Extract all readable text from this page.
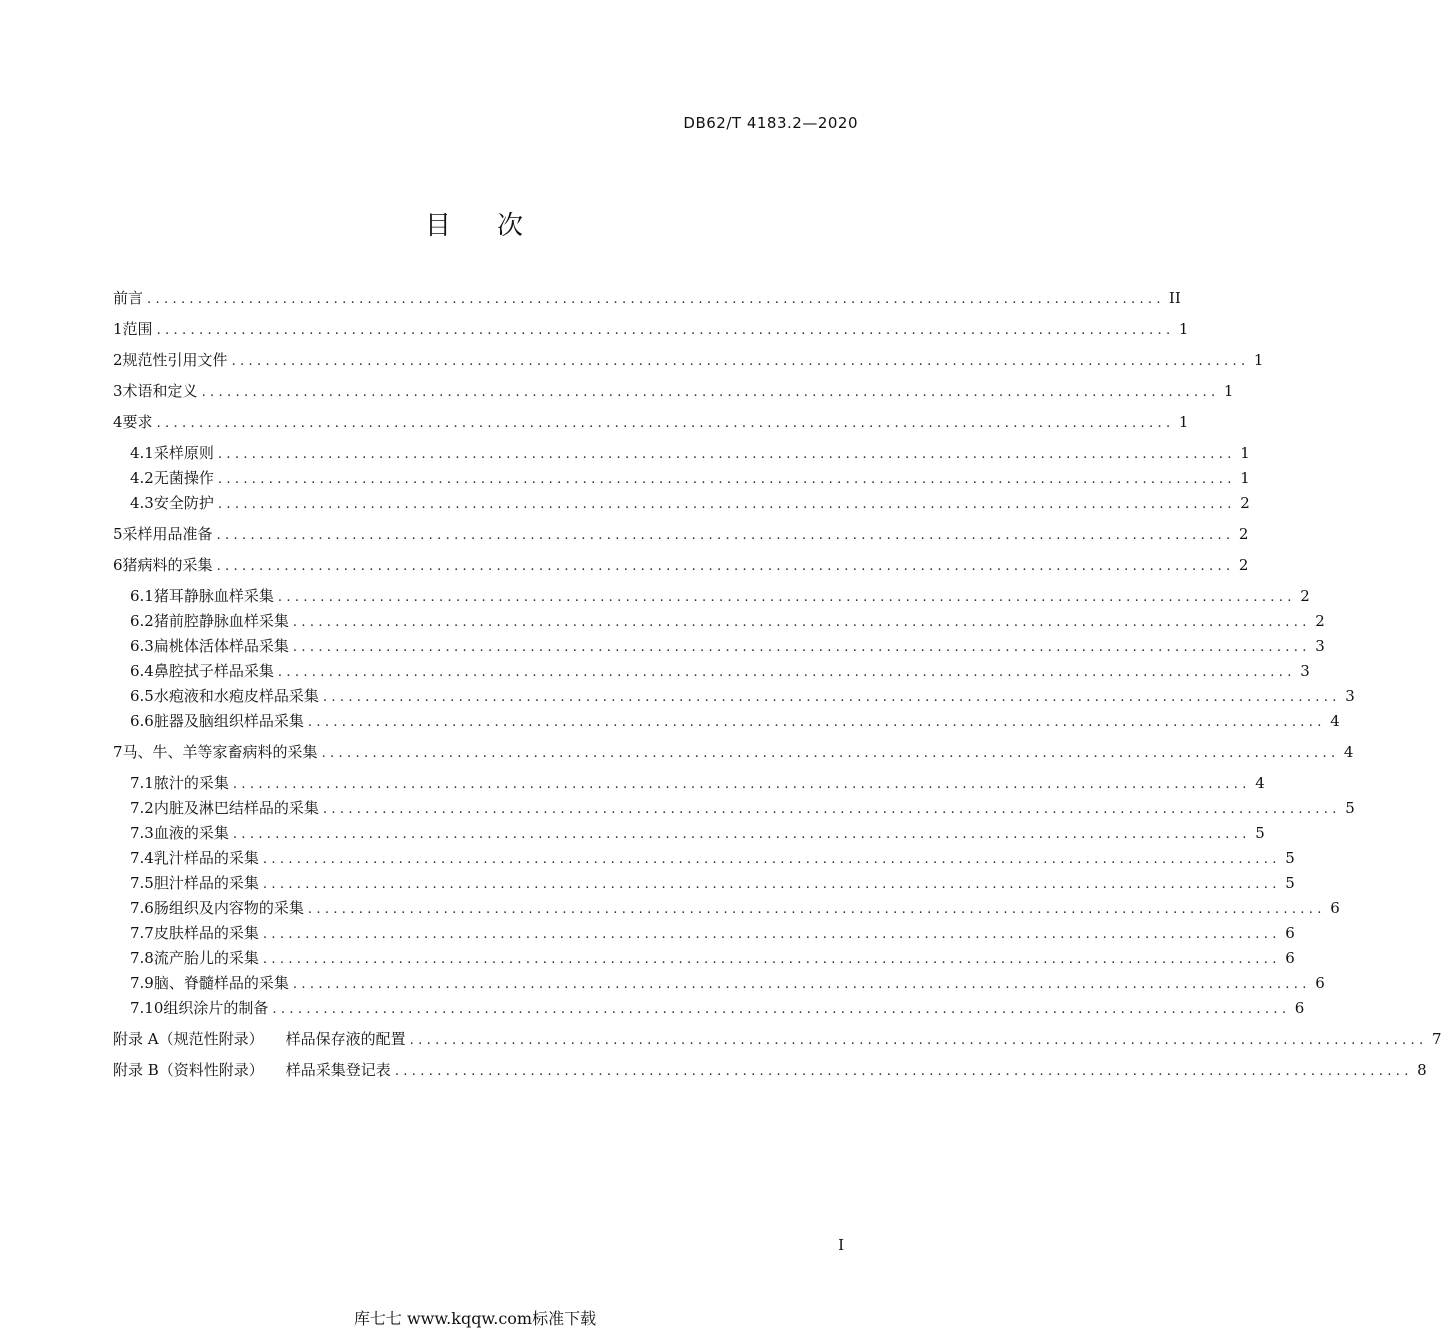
DB62/T 4183.2—2020
目 次
前言 ........................................................................................................................ II
1 范围 ........................................................................................................................ 1
2 规范性引用文件 ........................................................................................................................ 1
3 术语和定义 ........................................................................................................................ 1
4 要求 ........................................................................................................................ 1
4.1 采样原则 ........................................................................................................................ 1
4.2 无菌操作 ........................................................................................................................ 1
4.3 安全防护 ........................................................................................................................ 2
5 采样用品准备 ........................................................................................................................ 2
6 猪病料的采集 ........................................................................................................................ 2
6.1 猪耳静脉血样采集 ........................................................................................................................ 2
6.2 猪前腔静脉血样采集 ........................................................................................................................ 2
6.3 扁桃体活体样品采集 ........................................................................................................................ 3
6.4 鼻腔拭子样品采集 ........................................................................................................................ 3
6.5 水疱液和水疱皮样品采集 ........................................................................................................................ 3
6.6 脏器及脑组织样品采集 ........................................................................................................................ 4
7 马、牛、羊等家畜病料的采集 ........................................................................................................................ 4
7.1 脓汁的采集 ........................................................................................................................ 4
7.2 内脏及淋巴结样品的采集 ........................................................................................................................ 5
7.3 血液的采集 ........................................................................................................................ 5
7.4 乳汁样品的采集 ........................................................................................................................ 5
7.5 胆汁样品的采集 ........................................................................................................................ 5
7.6 肠组织及内容物的采集 ........................................................................................................................ 6
7.7 皮肤样品的采集 ........................................................................................................................ 6
7.8 流产胎儿的采集 ........................................................................................................................ 6
7.9 脑、脊髓样品的采集 ........................................................................................................................ 6
7.10 组织涂片的制备 ........................................................................................................................ 6
附录 A（规范性附录） 样品保存液的配置 ........................................................................................................................ 7
附录 B（资料性附录） 样品采集登记表 ........................................................................................................................ 8
I
库七七 www.kqqw.com标准下载
